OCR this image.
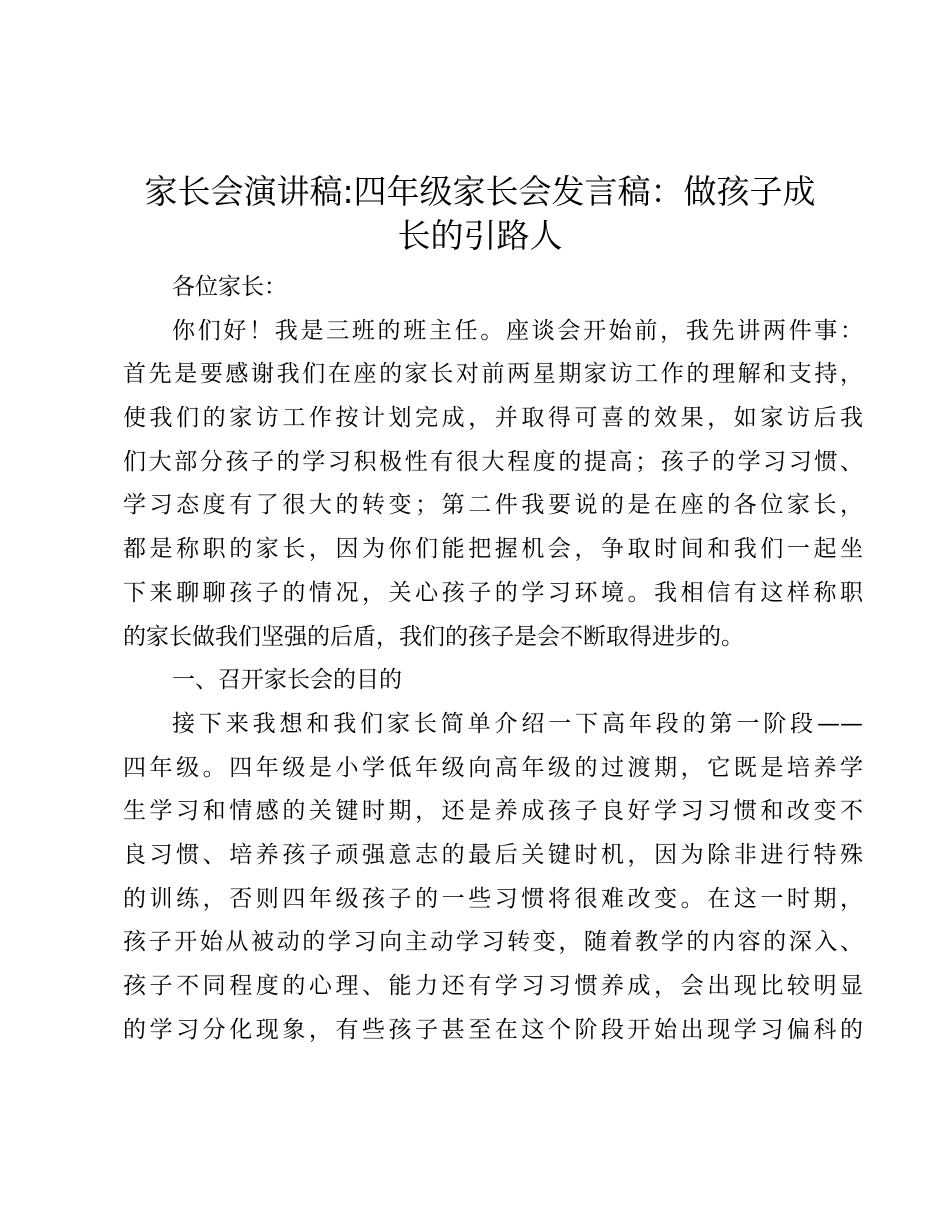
家长会演讲稿:四年级家长会发言稿：做孩子成
长的引路人

各位家长：

你们好！我是三班的班主任。座谈会开始前，我先讲两件事：
首先是要感谢我们在座的家长对前两星期家访工作的理解和支持，
使我们的家访工作按计划完成，并取得可喜的效果，如家访后我
们大部分孩子的学习积极性有很大程度的提高；孩子的学习习惯、
学习态度有了很大的转变；第二件我要说的是在座的各位家长，
都是称职的家长，因为你们能把握机会，争取时间和我们一起坐
下来聊聊孩子的情况，关心孩子的学习环境。我相信有这样称职
的家长做我们坚强的后盾，我们的孩子是会不断取得进步的。

一、召开家长会的目的

接下来我想和我们家长简单介绍一下高年段的第一阶段——
四年级。四年级是小学低年级向高年级的过渡期，它既是培养学
生学习和情感的关键时期，还是养成孩子良好学习习惯和改变不
良习惯、培养孩子顽强意志的最后关键时机，因为除非进行特殊
的训练，否则四年级孩子的一些习惯将很难改变。在这一时期，
孩子开始从被动的学习向主动学习转变，随着教学的内容的深入、
孩子不同程度的心理、能力还有学习习惯养成，会出现比较明显
的学习分化现象，有些孩子甚至在这个阶段开始出现学习偏科的
